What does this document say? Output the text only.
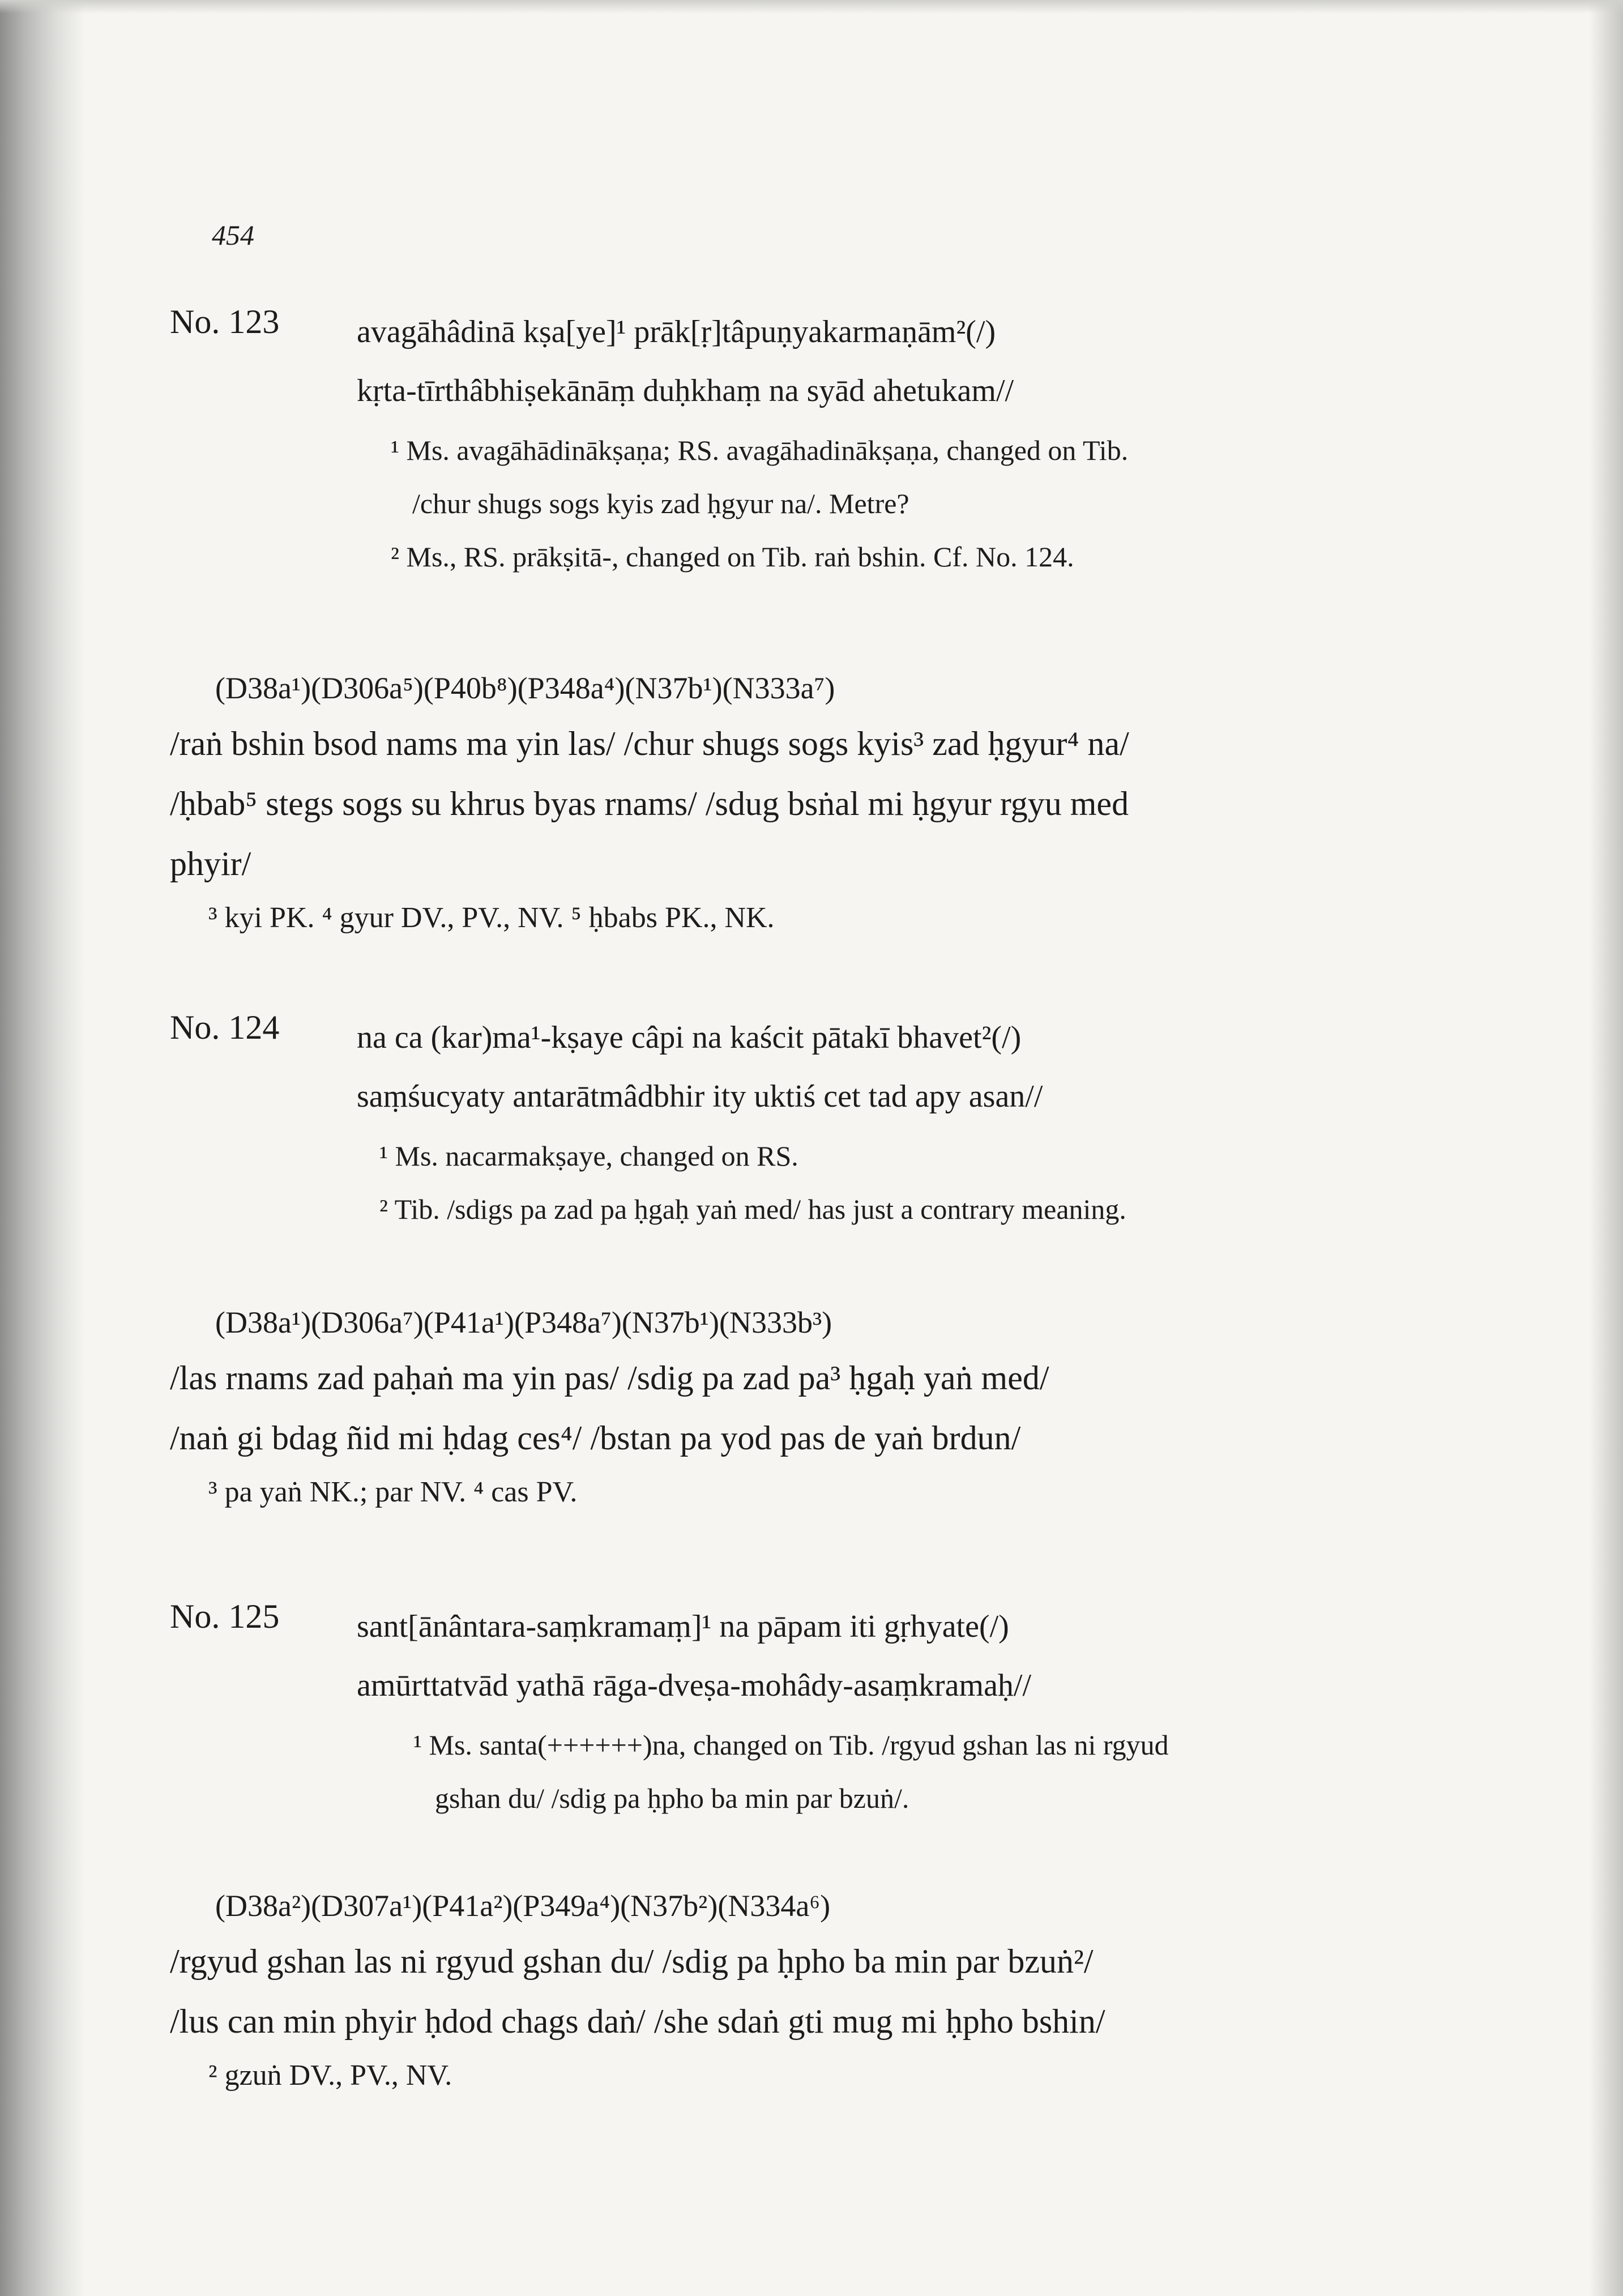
454
No. 123 avagāhâdinā kṣa[ye]¹ prāk[ṛ]tâpuṇyakarmaṇām²(/)
kṛta-tīrthâbhiṣekānāṃ duḥkhaṃ na syād ahetukam//
¹ Ms. avagāhādinākṣaṇa; RS. avagāhadinākṣaṇa, changed on Tib.
/chur shugs sogs kyis zad ḥgyur na/. Metre?
² Ms., RS. prākṣitā-, changed on Tib. raṅ bshin. Cf. No. 124.
(D38a¹)(D306a⁵)(P40b⁸)(P348a⁴)(N37b¹)(N333a⁷)
/raṅ bshin bsod nams ma yin las/ /chur shugs sogs kyis³ zad ḥgyur⁴ na/
/ḥbab⁵ stegs sogs su khrus byas rnams/ /sdug bsṅal mi ḥgyur rgyu med
phyir/
³ kyi PK. ⁴ gyur DV., PV., NV. ⁵ ḥbabs PK., NK.
No. 124 na ca (kar)ma¹-kṣaye câpi na kaścit pātakī bhavet²(/)
saṃśucyaty antarātmâdbhir ity uktiś cet tad apy asan//
¹ Ms. nacarmakṣaye, changed on RS.
² Tib. /sdigs pa zad pa ḥgaḥ yaṅ med/ has just a contrary meaning.
(D38a¹)(D306a⁷)(P41a¹)(P348a⁷)(N37b¹)(N333b³)
/las rnams zad paḥaṅ ma yin pas/ /sdig pa zad pa³ ḥgaḥ yaṅ med/
/naṅ gi bdag ñid mi ḥdag ces⁴/ /bstan pa yod pas de yaṅ brdun/
³ pa yaṅ NK.; par NV. ⁴ cas PV.
No. 125 sant[ānântara-saṃkramaṃ]¹ na pāpam iti gṛhyate(/)
amūrttatvād yathā rāga-dveṣa-mohâdy-asaṃkramaḥ//
¹ Ms. santa(++++++)na, changed on Tib. /rgyud gshan las ni rgyud
gshan du/ /sdig pa ḥpho ba min par bzuṅ/.
(D38a²)(D307a¹)(P41a²)(P349a⁴)(N37b²)(N334a⁶)
/rgyud gshan las ni rgyud gshan du/ /sdig pa ḥpho ba min par bzuṅ²/
/lus can min phyir ḥdod chags daṅ/ /she sdaṅ gti mug mi ḥpho bshin/
² gzuṅ DV., PV., NV.
